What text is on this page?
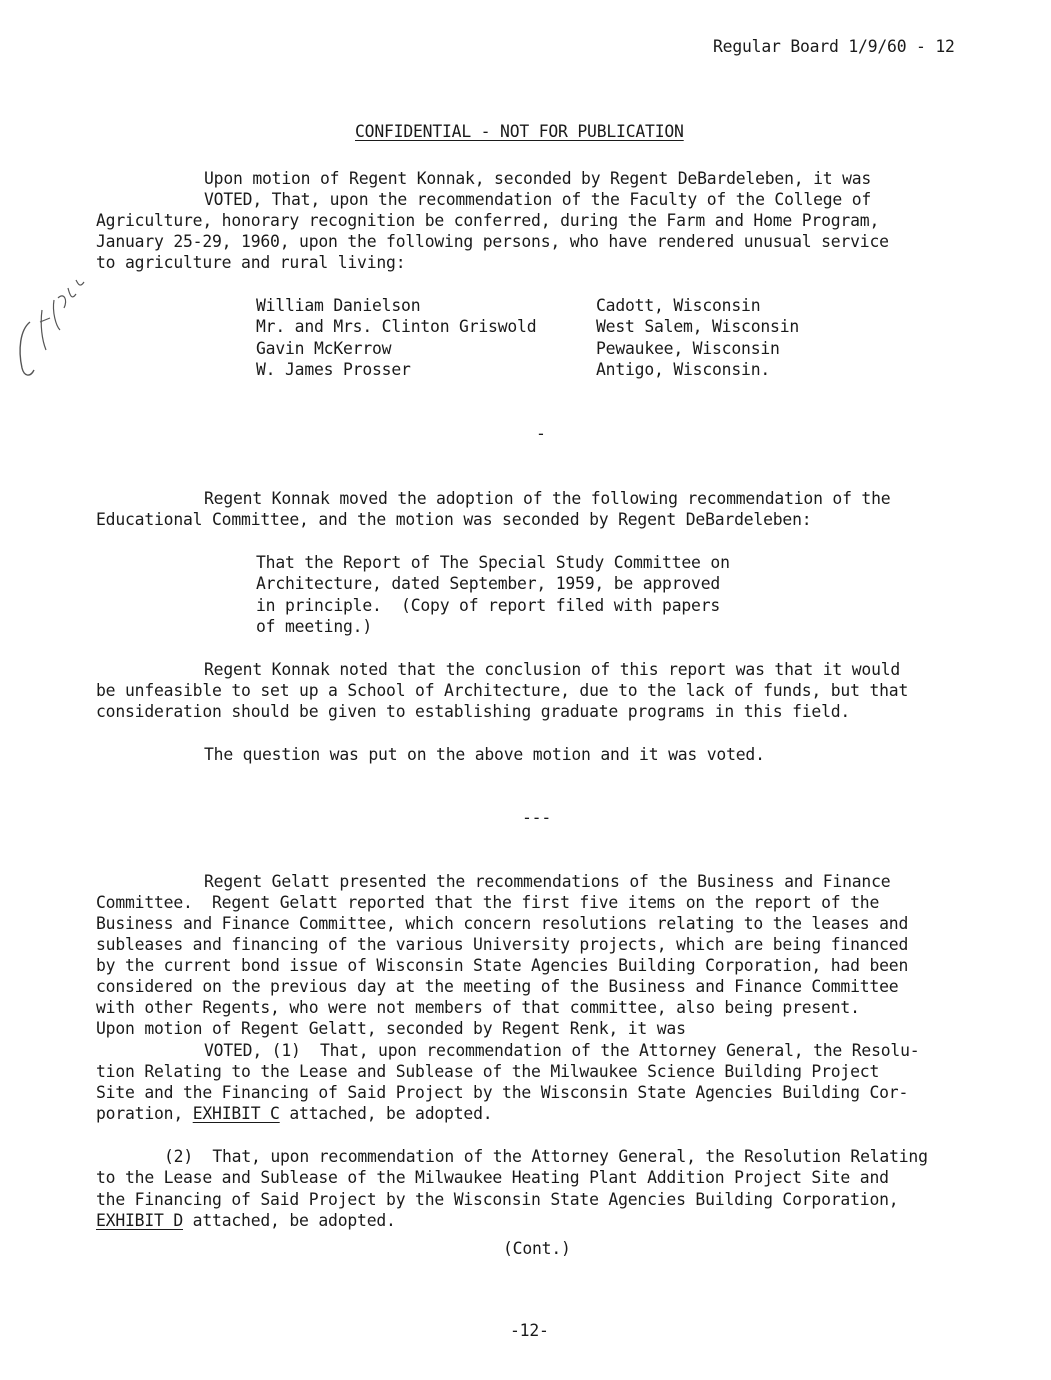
Regular Board 1/9/60 - 12
CONFIDENTIAL - NOT FOR PUBLICATION
Upon motion of Regent Konnak, seconded by Regent DeBardeleben, it was
VOTED, That, upon the recommendation of the Faculty of the College of
Agriculture, honorary recognition be conferred, during the Farm and Home Program,
January 25-29, 1960, upon the following persons, who have rendered unusual service
to agriculture and rural living:
William Danielson	Cadott, Wisconsin
Mr. and Mrs. Clinton Griswold	West Salem, Wisconsin
Gavin McKerrow	Pewaukee, Wisconsin
W. James Prosser	Antigo, Wisconsin.
-
Regent Konnak moved the adoption of the following recommendation of the
Educational Committee, and the motion was seconded by Regent DeBardeleben:
That the Report of The Special Study Committee on
Architecture, dated September, 1959, be approved
in principle.  (Copy of report filed with papers
of meeting.)
Regent Konnak noted that the conclusion of this report was that it would
be unfeasible to set up a School of Architecture, due to the lack of funds, but that
consideration should be given to establishing graduate programs in this field.
The question was put on the above motion and it was voted.
---
Regent Gelatt presented the recommendations of the Business and Finance
Committee.  Regent Gelatt reported that the first five items on the report of the
Business and Finance Committee, which concern resolutions relating to the leases and
subleases and financing of the various University projects, which are being financed
by the current bond issue of Wisconsin State Agencies Building Corporation, had been
considered on the previous day at the meeting of the Business and Finance Committee
with other Regents, who were not members of that committee, also being present.
Upon motion of Regent Gelatt, seconded by Regent Renk, it was
VOTED, (1)  That, upon recommendation of the Attorney General, the Resolu-
tion Relating to the Lease and Sublease of the Milwaukee Science Building Project
Site and the Financing of Said Project by the Wisconsin State Agencies Building Cor-
poration, EXHIBIT C attached, be adopted.
(2)  That, upon recommendation of the Attorney General, the Resolution Relating
to the Lease and Sublease of the Milwaukee Heating Plant Addition Project Site and
the Financing of Said Project by the Wisconsin State Agencies Building Corporation,
EXHIBIT D attached, be adopted.
(Cont.)
-12-
